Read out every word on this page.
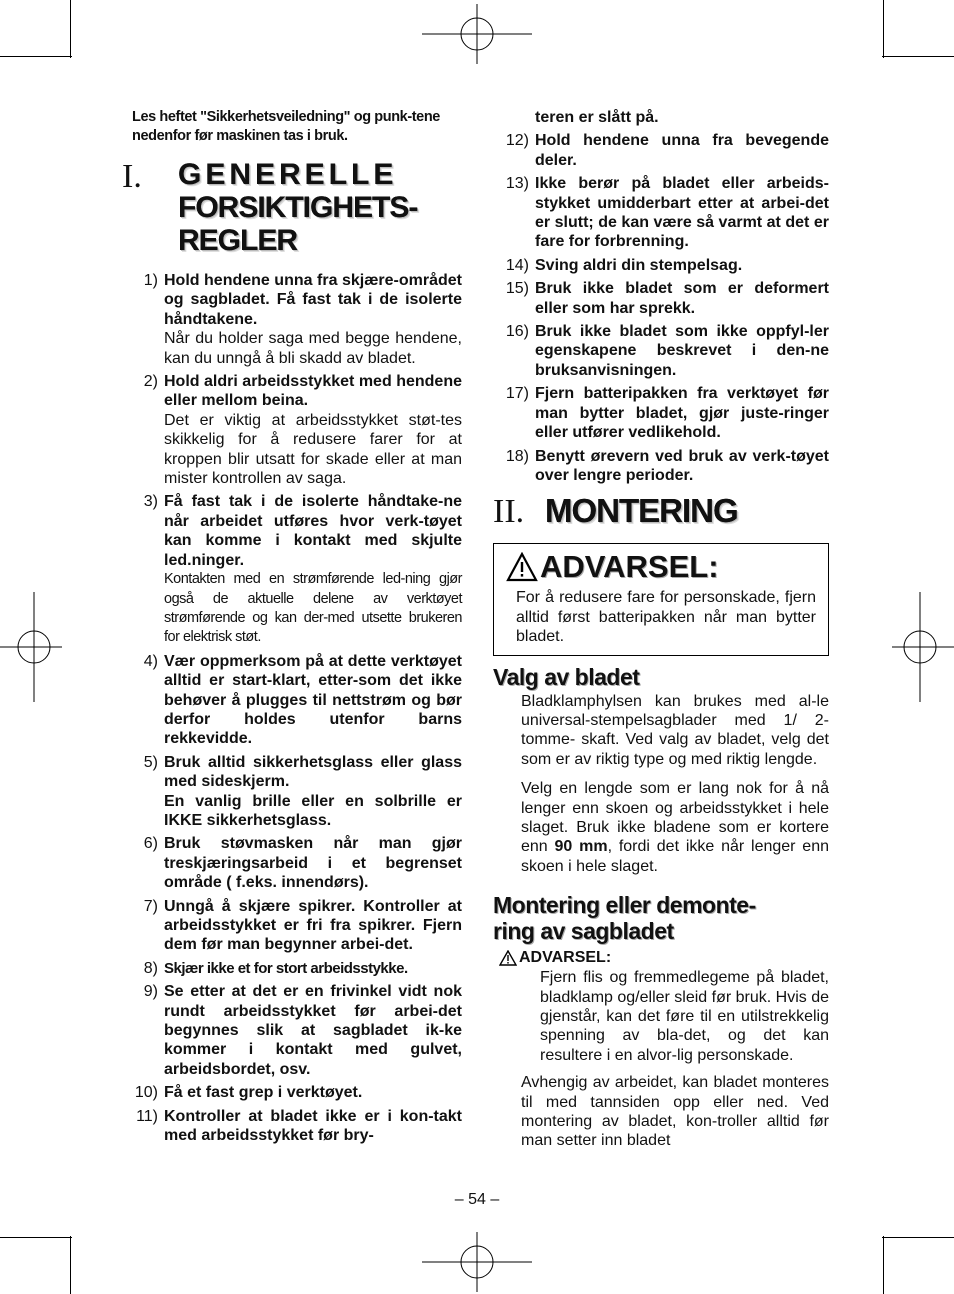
Les heftet "Sikkerhetsveiledning" og punk-tene nedenfor før maskinen tas i bruk.

I. GENERELLE
FORSIKTIGHETS-
REGLER
1) Hold hendene unna fra skjære-området og sagbladet. Få fast tak i de isolerte håndtakene.
Når du holder saga med begge hendene, kan du unngå å bli skadd av bladet.
2) Hold aldri arbeidsstykket med hendene eller mellom beina.
Det er viktig at arbeidsstykket støt-tes skikkelig for å redusere farer for at kroppen blir utsatt for skade eller at man mister kontrollen av saga.
3) Få fast tak i de isolerte håndtake-ne når arbeidet utføres hvor verk-tøyet kan komme i kontakt med skjulte led.ninger.
Kontakten med en strømførende led-ning gjør også de aktuelle delene av verktøyet strømførende og kan der-med utsette brukeren for elektrisk støt.
4) Vær oppmerksom på at dette verktøyet alltid er start-klart, etter-som det ikke behøver å plugges til nettstrøm og bør derfor holdes utenfor barns rekkevidde.
5) Bruk alltid sikkerhetsglass eller glass med sideskjerm.
En vanlig brille eller en solbrille er IKKE sikkerhetsglass.
6) Bruk støvmasken når man gjør treskjæringsarbeid i et begrenset område ( f.eks. innendørs).
7) Unngå å skjære spikrer. Kontroller at arbeidsstykket er fri fra spikrer. Fjern dem før man begynner arbei-det.
8) Skjær ikke et for stort arbeidsstykke.
9) Se etter at det er en frivinkel vidt nok rundt arbeidsstykket før arbei-det begynnes slik at sagbladet ik-ke kommer i kontakt med gulvet, arbeidsbordet, osv.
10) Få et fast grep i verktøyet.
11) Kontroller at bladet ikke er i kon-takt med arbeidsstykket før bry-
teren er slått på.
12) Hold hendene unna fra bevegende deler.
13) Ikke berør på bladet eller arbeids-stykket umidderbart etter at arbei-det er slutt; de kan være så varmt at det er fare for forbrenning.
14) Sving aldri din stempelsag.
15) Bruk ikke bladet som er deformert eller som har sprekk.
16) Bruk ikke bladet som ikke oppfyl-ler egenskapene beskrevet i den-ne bruksanvisningen.
17) Fjern batteripakken fra verktøyet før man bytter bladet, gjør juste-ringer eller utfører vedlikehold.
18) Benytt ørevern ved bruk av verk-tøyet over lengre perioder.
II. MONTERING
ADVARSEL:

For å redusere fare for personskade, fjern alltid først batteripakken når man bytter bladet.

Valg av bladet

Bladklamphylsen kan brukes med al-le universal-stempelsagblader med 1/ 2-tomme- skaft. Ved valg av bladet, velg det som er av riktig type og med riktig lengde.

Velg en lengde som er lang nok for å nå lenger enn skoen og arbeidsstykket i hele slaget. Bruk ikke bladene som er kortere enn 90 mm, fordi det ikke når lenger enn skoen i hele slaget.

Montering eller demonte-
ring av sagbladet
ADVARSEL:

Fjern flis og fremmedlegeme på bladet, bladklamp og/eller sleid før bruk. Hvis de gjenstår, kan det føre til en utilstrekkelig spenning av bla-det, og det kan resultere i en alvor-lig personskade.

Avhengig av arbeidet, kan bladet monteres til med tannsiden opp eller ned. Ved montering av bladet, kon-troller alltid før man setter inn bladet

– 54 –
